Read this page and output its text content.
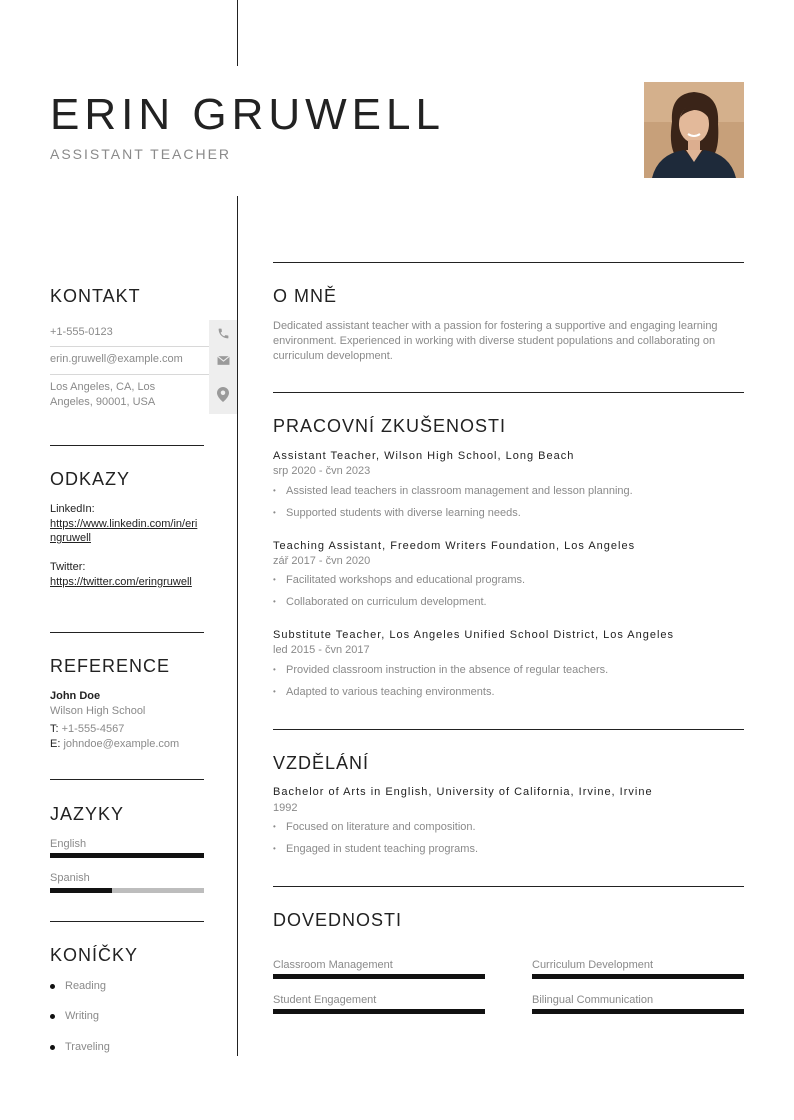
ERIN GRUWELL
ASSISTANT TEACHER
KONTAKT
+1-555-0123
erin.gruwell@example.com
Los Angeles, CA, Los Angeles, 90001, USA
ODKAZY
LinkedIn:
https://www.linkedin.com/in/eringruwell
Twitter:
https://twitter.com/eringruwell
REFERENCE
John Doe
Wilson High School
T: +1-555-4567
E: johndoe@example.com
JAZYKY
English
Spanish
KONÍČKY
Reading
Writing
Traveling
O MNĚ
Dedicated assistant teacher with a passion for fostering a supportive and engaging learning environment. Experienced in working with diverse student populations and collaborating on curriculum development.
PRACOVNÍ ZKUŠENOSTI
Assistant Teacher, Wilson High School, Long Beach
srp 2020 - čvn 2023
• Assisted lead teachers in classroom management and lesson planning.
• Supported students with diverse learning needs.
Teaching Assistant, Freedom Writers Foundation, Los Angeles
zář 2017 - čvn 2020
• Facilitated workshops and educational programs.
• Collaborated on curriculum development.
Substitute Teacher, Los Angeles Unified School District, Los Angeles
led 2015 - čvn 2017
• Provided classroom instruction in the absence of regular teachers.
• Adapted to various teaching environments.
VZDĚLÁNÍ
Bachelor of Arts in English, University of California, Irvine, Irvine
1992
• Focused on literature and composition.
• Engaged in student teaching programs.
DOVEDNOSTI
Classroom Management	Curriculum Development
Student Engagement	Bilingual Communication
